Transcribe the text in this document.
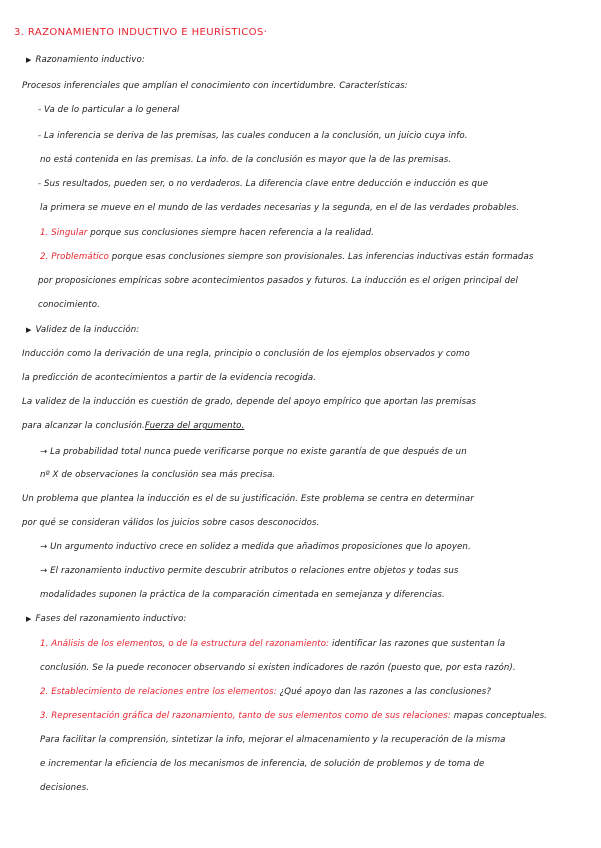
3. RAZONAMIENTO INDUCTIVO E HEURÍSTICOS·
▶ Razonamiento inductivo:
Procesos inferenciales que amplían el conocimiento con incertidumbre. Características:
- Va de lo particular a lo general
- La inferencia se deriva de las premisas, las cuales conducen a la conclusión, un juicio cuya info.
no está contenida en las premisas. La info. de la conclusión es mayor que la de las premisas.
- Sus resultados, pueden ser, o no verdaderos. La diferencia clave entre deducción e inducción es que
la primera se mueve en el mundo de las verdades necesarias y la segunda, en el de las verdades probables.
1. Singular porque sus conclusiones siempre hacen referencia a la realidad.
2. Problemático porque esas conclusiones siempre son provisionales. Las inferencias inductivas están formadas
por proposiciones empíricas sobre acontecimientos pasados y futuros. La inducción es el origen principal del
conocimiento.
▶ Validez de la inducción:
Inducción como la derivación de una regla, principio o conclusión de los ejemplos observados y como
la predicción de acontecimientos a partir de la evidencia recogida.
La validez de la inducción es cuestión de grado, depende del apoyo empírico que aportan las premisas
para alcanzar la conclusión.Fuerza del argumento.
→ La probabilidad total nunca puede verificarse porque no existe garantía de que después de un
nº X de observaciones la conclusión sea más precisa.
Un problema que plantea la inducción es el de su justificación. Este problema se centra en determinar
por qué se consideran válidos los juicios sobre casos desconocidos.
→ Un argumento inductivo crece en solidez a medida que añadimos proposiciones que lo apoyen.
→ El razonamiento inductivo permite descubrir atributos o relaciones entre objetos y todas sus
modalidades suponen la práctica de la comparación cimentada en semejanza y diferencias.
▶ Fases del razonamiento inductivo:
1. Análisis de los elementos, o de la estructura del razonamiento: identificar las razones que sustentan la
conclusión. Se la puede reconocer observando si existen indicadores de razón (puesto que, por esta razón).
2. Establecimiento de relaciones entre los elementos: ¿Qué apoyo dan las razones a las conclusiones?
3. Representación gráfica del razonamiento, tanto de sus elementos como de sus relaciones: mapas conceptuales.
Para facilitar la comprensión, sintetizar la info, mejorar el almacenamiento y la recuperación de la misma
e incrementar la eficiencia de los mecanismos de inferencia, de solución de problemos y de toma de
decisiones.
